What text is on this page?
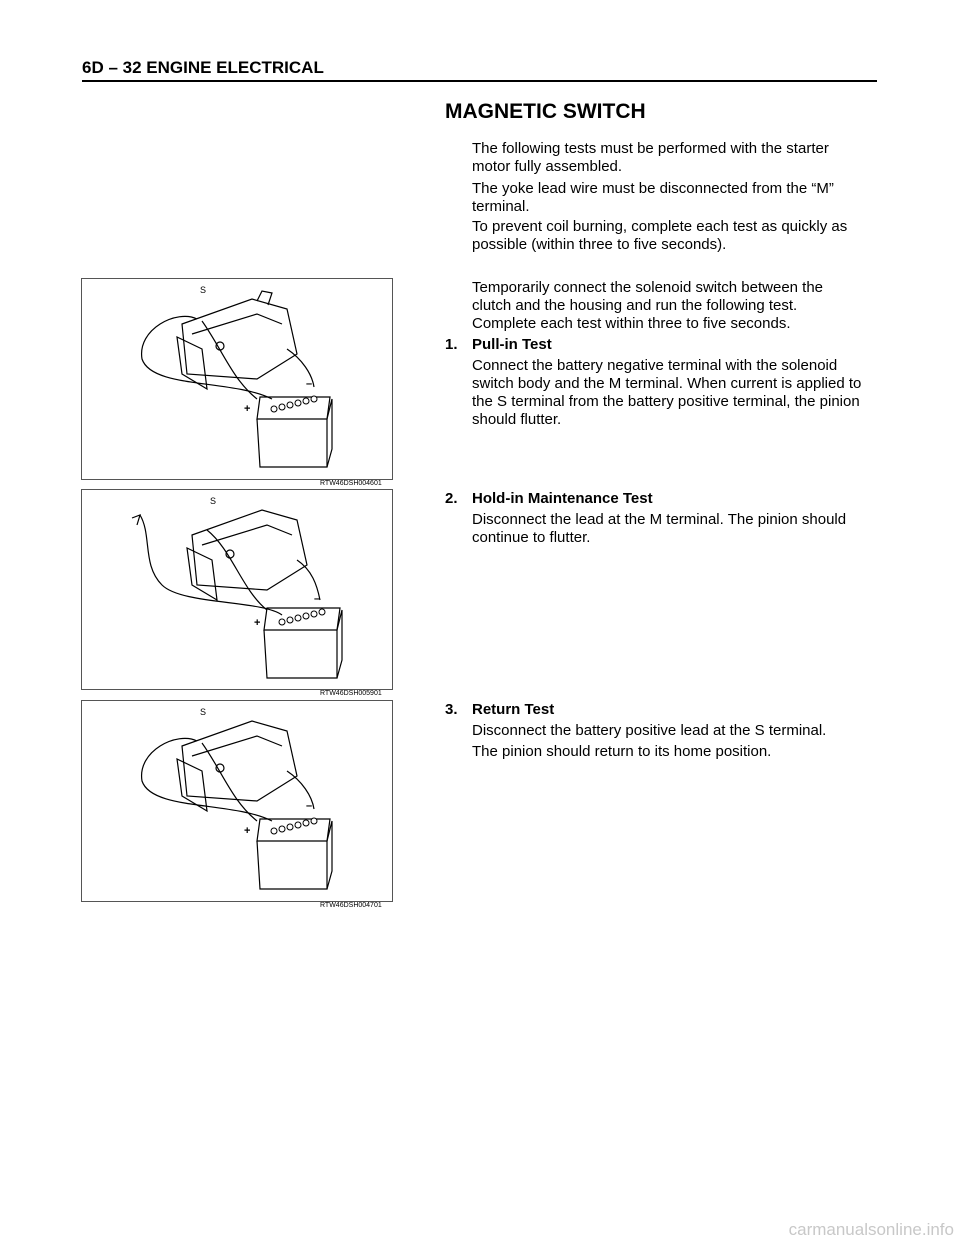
6D – 32 ENGINE ELECTRICAL
MAGNETIC SWITCH
The following tests must be performed with the starter motor fully assembled.
The yoke lead wire must be disconnected from the “M” terminal.
To prevent coil burning, complete each test as quickly as possible (within three to five seconds).
Temporarily connect the solenoid switch between the clutch and the housing and run the following test. Complete each test within three to five seconds.
1. Pull-in Test
Connect the battery negative terminal with the solenoid switch body and the M terminal. When current is applied to the S terminal from the battery positive terminal, the pinion should flutter.
2. Hold-in Maintenance Test
Disconnect the lead at the M terminal. The pinion should continue to flutter.
3. Return Test
Disconnect the battery positive lead at the S terminal.
The pinion should return to its home position.
S
+
–
RTW46DSH004601
S
+
–
RTW46DSH005901
S
+
–
RTW46DSH004701
carmanualsonline.info
